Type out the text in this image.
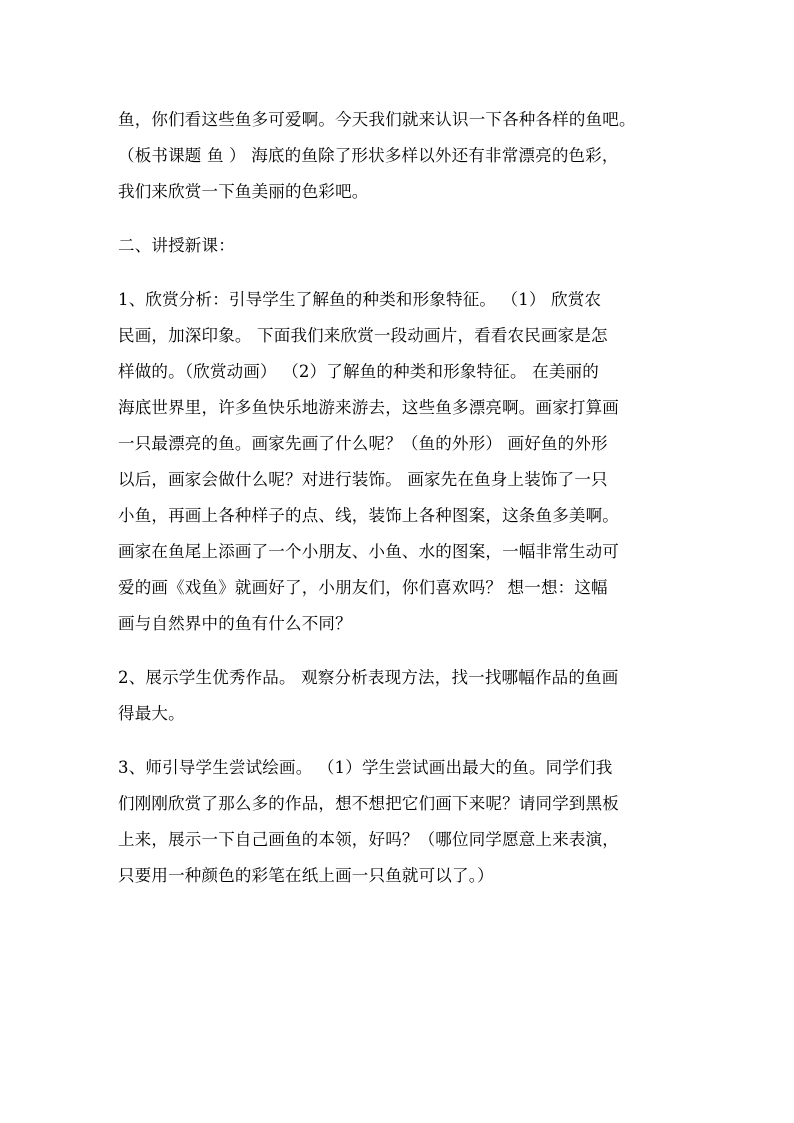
鱼，你们看这些鱼多可爱啊。今天我们就来认识一下各种各样的鱼吧。
（板书课题 鱼 ） 海底的鱼除了形状多样以外还有非常漂亮的色彩，
我们来欣赏一下鱼美丽的色彩吧。

二、讲授新课：

1、欣赏分析：引导学生了解鱼的种类和形象特征。 （1） 欣赏农
民画，加深印象。 下面我们来欣赏一段动画片，看看农民画家是怎
样做的。（欣赏动画） （2）了解鱼的种类和形象特征。 在美丽的
海底世界里，许多鱼快乐地游来游去，这些鱼多漂亮啊。画家打算画
一只最漂亮的鱼。画家先画了什么呢？（鱼的外形） 画好鱼的外形
以后，画家会做什么呢？对进行装饰。 画家先在鱼身上装饰了一只
小鱼，再画上各种样子的点、线，装饰上各种图案，这条鱼多美啊。
画家在鱼尾上添画了一个小朋友、小鱼、水的图案，一幅非常生动可
爱的画《戏鱼》就画好了，小朋友们，你们喜欢吗？ 想一想：这幅
画与自然界中的鱼有什么不同？

2、展示学生优秀作品。 观察分析表现方法，找一找哪幅作品的鱼画
得最大。

3、师引导学生尝试绘画。 （1）学生尝试画出最大的鱼。同学们我
们刚刚欣赏了那么多的作品，想不想把它们画下来呢？请同学到黑板
上来，展示一下自己画鱼的本领，好吗？（哪位同学愿意上来表演，
只要用一种颜色的彩笔在纸上画一只鱼就可以了。）
